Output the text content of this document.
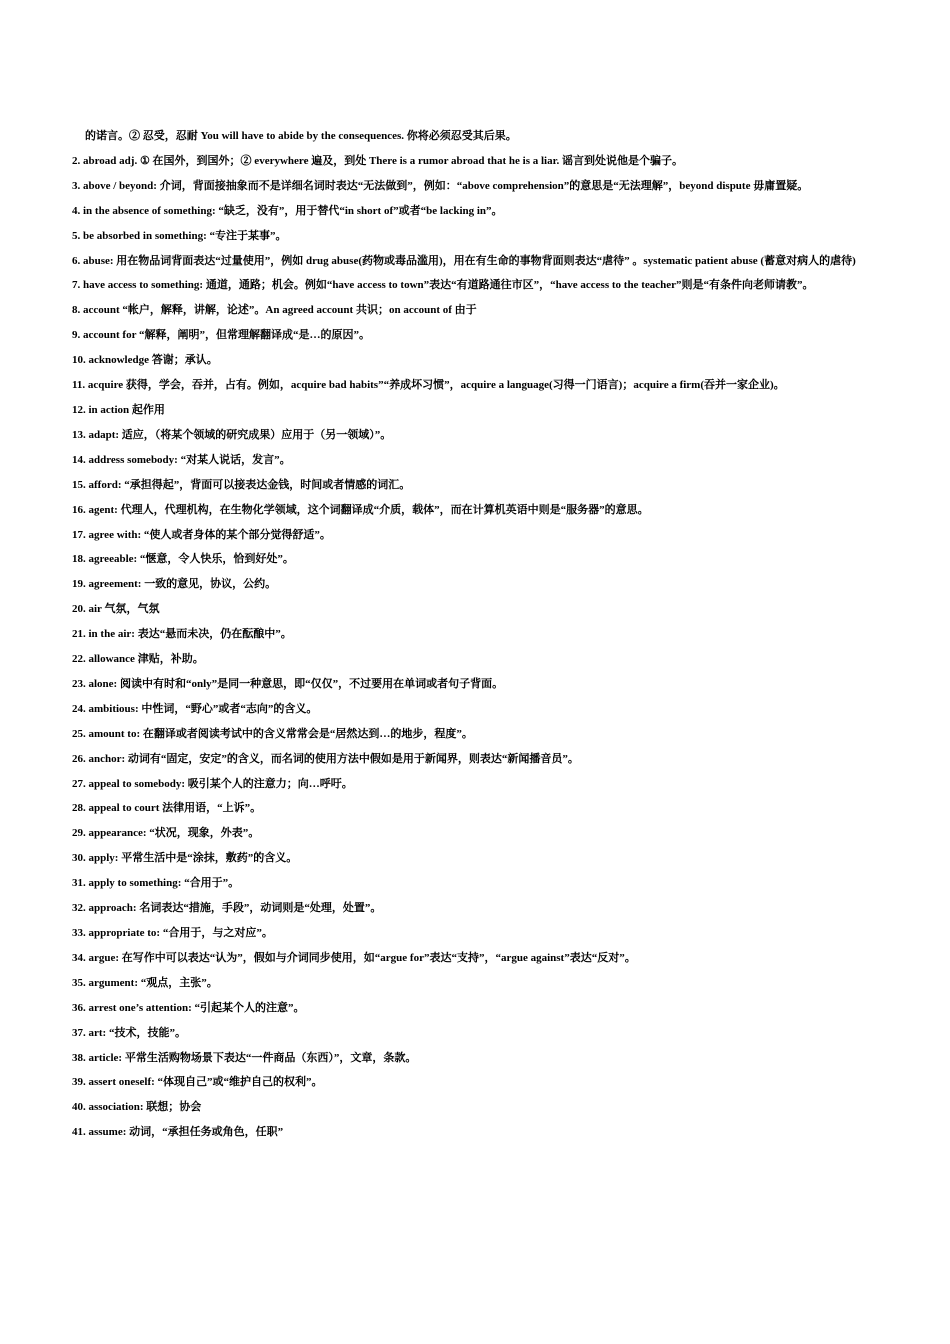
的诺言。② 忍受，忍耐 You will have to abide by the consequences. 你将必须忍受其后果。

2. abroad adj. ① 在国外，到国外；② everywhere 遍及，到处 There is a rumor abroad that he is a liar. 谣言到处说他是个骗子。

3. above / beyond: 介词，背面接抽象而不是详细名词时表达“无法做到”，例如：“above comprehension”的意思是“无法理解”，beyond dispute 毋庸置疑。

4. in the absence of something: “缺乏，没有”，用于替代“in short of”或者“be lacking in”。

5. be absorbed in something: “专注于某事”。

6. abuse: 用在物品词背面表达“过量使用”，例如 drug abuse(药物或毒品滥用)，用在有生命的事物背面则表达“虐待” 。systematic patient abuse (蓄意对病人的虐待)

7. have access to something: 通道，通路；机会。例如“have access to town”表达“有道路通往市区”，“have access to the teacher”则是“有条件向老师请教”。

8. account “帐户，解释，讲解，论述”。An agreed account 共识；on account of 由于

9. account for “解释，阐明”，但常理解翻译成“是…的原因”。

10. acknowledge 答谢；承认。

11. acquire 获得，学会，吞并，占有。例如，acquire bad habits”“养成坏习惯”，acquire a language(习得一门语言)；acquire a firm(吞并一家企业)。

12. in action 起作用

13. adapt: 适应，（将某个领域的研究成果）应用于（另一领域）”。

14. address somebody: “对某人说话，发言”。

15. afford: “承担得起”，背面可以接表达金钱，时间或者情感的词汇。

16. agent: 代理人，代理机构，在生物化学领域，这个词翻译成“介质，载体”，而在计算机英语中则是“服务器”的意思。

17. agree with: “使人或者身体的某个部分觉得舒适”。

18. agreeable: “惬意，令人快乐，恰到好处”。

19. agreement: 一致的意见，协议，公约。

20. air 气氛，气氛

21. in the air: 表达“悬而未决，仍在酝酿中”。

22. allowance 津贴，补助。

23. alone: 阅读中有时和“only”是同一种意思，即“仅仅”，不过要用在单词或者句子背面。

24. ambitious: 中性词，“野心”或者“志向”的含义。

25. amount to: 在翻译或者阅读考试中的含义常常会是“居然达到…的地步，程度”。

26. anchor: 动词有“固定，安定”的含义，而名词的使用方法中假如是用于新闻界，则表达“新闻播音员”。

27. appeal to somebody: 吸引某个人的注意力；向…呼吁。

28. appeal to court 法律用语，“上诉”。

29. appearance: “状况，现象，外表”。

30. apply: 平常生活中是“涂抹，敷药”的含义。

31. apply to something: “合用于”。

32. approach: 名词表达“措施，手段”，动词则是“处理，处置”。

33. appropriate to: “合用于，与之对应”。

34. argue: 在写作中可以表达“认为”，假如与介词同步使用，如“argue for”表达“支持”，“argue against”表达“反对”。

35. argument: “观点，主张”。

36. arrest one’s attention: “引起某个人的注意”。

37. art: “技术，技能”。

38. article: 平常生活购物场景下表达“一件商品（东西）”，文章，条款。

39. assert oneself: “体现自己”或“维护自己的权利”。

40. association: 联想；协会

41. assume: 动词，“承担任务或角色，任职”
